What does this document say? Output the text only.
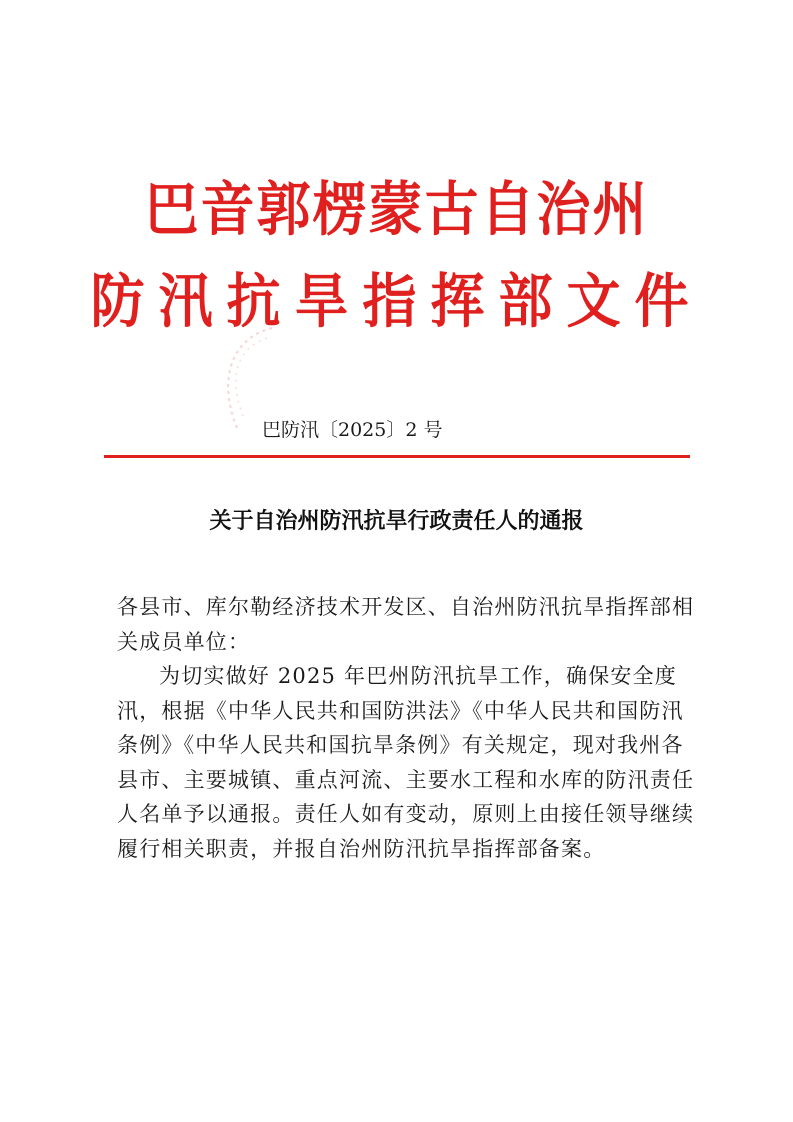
巴音郭楞蒙古自治州
防汛抗旱指挥部文件
巴防汛〔2025〕2 号
关于自治州防汛抗旱行政责任人的通报

各县市、库尔勒经济技术开发区、自治州防汛抗旱指挥部相关成员单位：

为切实做好 2025 年巴州防汛抗旱工作，确保安全度汛，根据《中华人民共和国防洪法》《中华人民共和国防汛条例》《中华人民共和国抗旱条例》有关规定，现对我州各县市、主要城镇、重点河流、主要水工程和水库的防汛责任人名单予以通报。责任人如有变动，原则上由接任领导继续履行相关职责，并报自治州防汛抗旱指挥部备案。
